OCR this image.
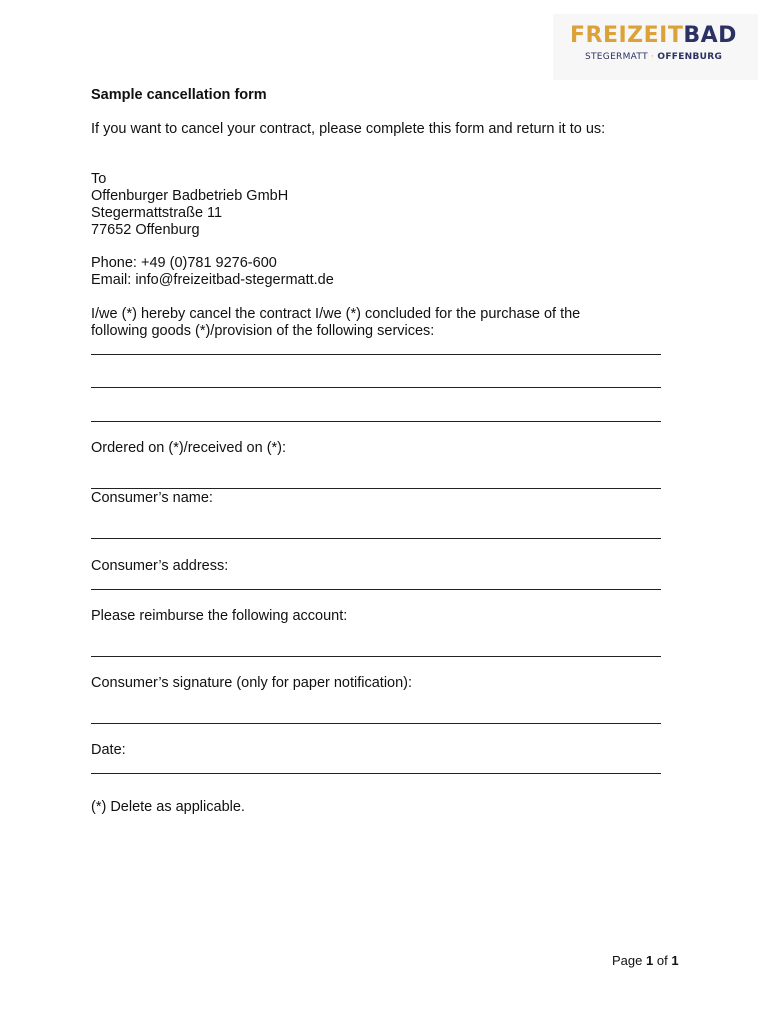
FREIZEITBAD
STEGERMATT · OFFENBURG
Sample cancellation form
If you want to cancel your contract, please complete this form and return it to us:
To
Offenburger Badbetrieb GmbH
Stegermattstraße 11
77652 Offenburg
Phone: +49 (0)781 9276-600
Email: info@freizeitbad-stegermatt.de
I/we (*) hereby cancel the contract I/we (*) concluded for the purchase of the
following goods (*)/provision of the following services:
Ordered on (*)/received on (*):
Consumer’s name:
Consumer’s address:
Please reimburse the following account:
Consumer’s signature (only for paper notification):
Date:
(*) Delete as applicable.
Page 1 of 1
